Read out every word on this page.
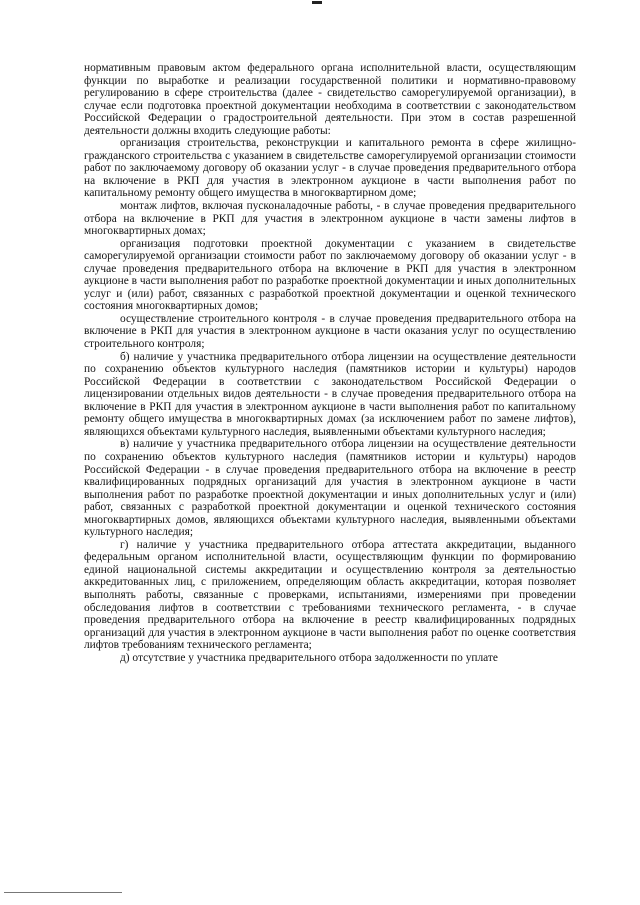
нормативным правовым актом федерального органа исполнительной власти, осуществляющим функции по выработке и реализации государственной политики и нормативно-правовому регулированию в сфере строительства (далее - свидетельство саморегулируемой организации), в случае если подготовка проектной документации необходима в соответствии с законодательством Российской Федерации о градостроительной деятельности. При этом в состав разрешенной деятельности должны входить следующие работы:

организация строительства, реконструкции и капитального ремонта в сфере жилищно-гражданского строительства с указанием в свидетельстве саморегулируемой организации стоимости работ по заключаемому договору об оказании услуг - в случае проведения предварительного отбора на включение в РКП для участия в электронном аукционе в части выполнения работ по капитальному ремонту общего имущества в многоквартирном доме;

монтаж лифтов, включая пусконаладочные работы, - в случае проведения предварительного отбора на включение в РКП для участия в электронном аукционе в части замены лифтов в многоквартирных домах;

организация подготовки проектной документации с указанием в свидетельстве саморегулируемой организации стоимости работ по заключаемому договору об оказании услуг - в случае проведения предварительного отбора на включение в РКП для участия в электронном аукционе в части выполнения работ по разработке проектной документации и иных дополнительных услуг и (или) работ, связанных с разработкой проектной документации и оценкой технического состояния многоквартирных домов;

осуществление строительного контроля - в случае проведения предварительного отбора на включение в РКП для участия в электронном аукционе в части оказания услуг по осуществлению строительного контроля;

б) наличие у участника предварительного отбора лицензии на осуществление деятельности по сохранению объектов культурного наследия (памятников истории и культуры) народов Российской Федерации в соответствии с законодательством Российской Федерации о лицензировании отдельных видов деятельности - в случае проведения предварительного отбора на включение в РКП для участия в электронном аукционе в части выполнения работ по капитальному ремонту общего имущества в многоквартирных домах (за исключением работ по замене лифтов), являющихся объектами культурного наследия, выявленными объектами культурного наследия;

в) наличие у участника предварительного отбора лицензии на осуществление деятельности по сохранению объектов культурного наследия (памятников истории и культуры) народов Российской Федерации - в случае проведения предварительного отбора на включение в реестр квалифицированных подрядных организаций для участия в электронном аукционе в части выполнения работ по разработке проектной документации и иных дополнительных услуг и (или) работ, связанных с разработкой проектной документации и оценкой технического состояния многоквартирных домов, являющихся объектами культурного наследия, выявленными объектами культурного наследия;

г) наличие у участника предварительного отбора аттестата аккредитации, выданного федеральным органом исполнительной власти, осуществляющим функции по формированию единой национальной системы аккредитации и осуществлению контроля за деятельностью аккредитованных лиц, с приложением, определяющим область аккредитации, которая позволяет выполнять работы, связанные с проверками, испытаниями, измерениями при проведении обследования лифтов в соответствии с требованиями технического регламента, - в случае проведения предварительного отбора на включение в реестр квалифицированных подрядных организаций для участия в электронном аукционе в части выполнения работ по оценке соответствия лифтов требованиям технического регламента;

д) отсутствие у участника предварительного отбора задолженности по уплате
